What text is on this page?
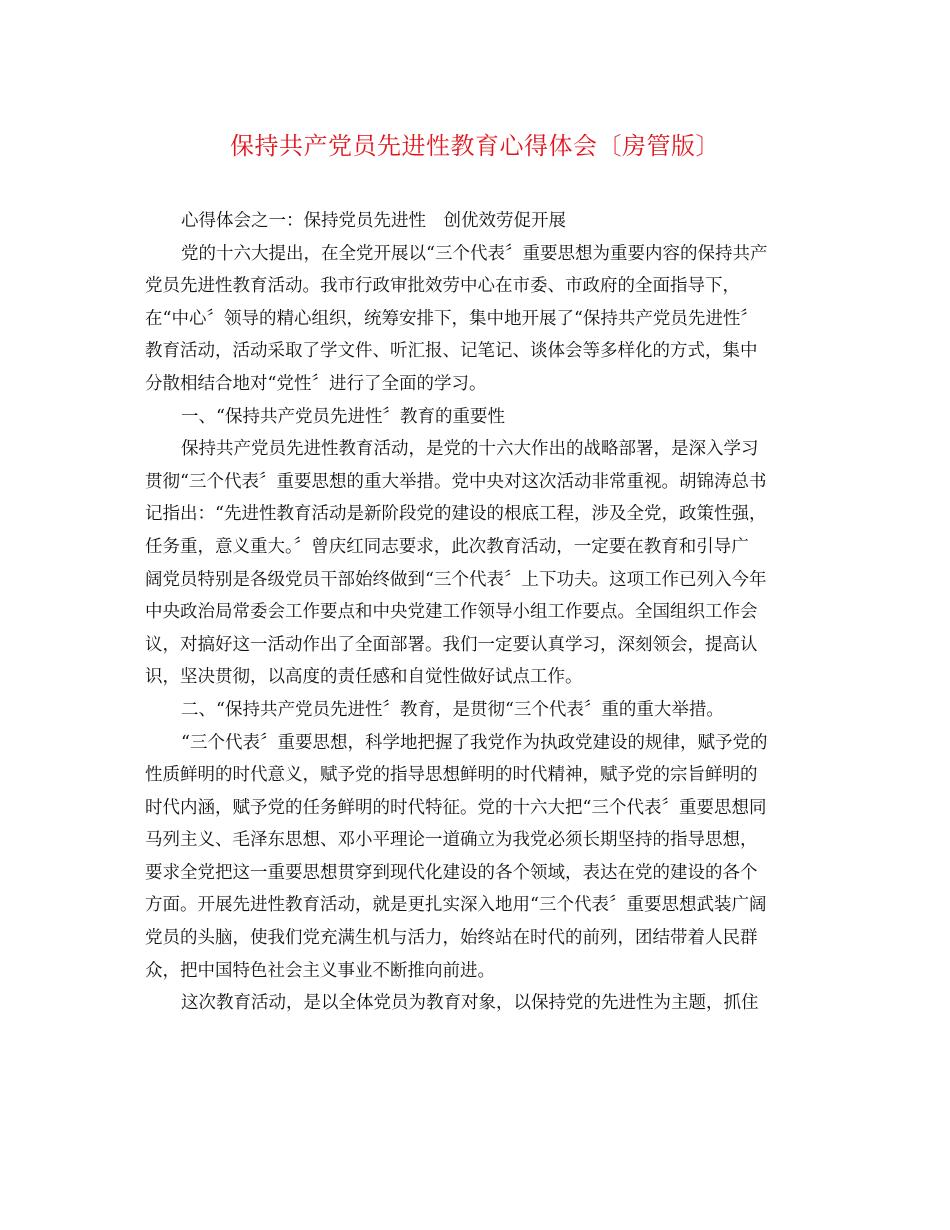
保持共产党员先进性教育心得体会〔房管版〕
心得体会之一：保持党员先进性　创优效劳促开展
党的十六大提出，在全党开展以“三个代表〞重要思想为重要内容的保持共产
党员先进性教育活动。我市行政审批效劳中心在市委、市政府的全面指导下，
在“中心〞领导的精心组织，统筹安排下，集中地开展了“保持共产党员先进性〞
教育活动，活动采取了学文件、听汇报、记笔记、谈体会等多样化的方式，集中
分散相结合地对“党性〞进行了全面的学习。
一、“保持共产党员先进性〞教育的重要性
保持共产党员先进性教育活动，是党的十六大作出的战略部署，是深入学习
贯彻“三个代表〞重要思想的重大举措。党中央对这次活动非常重视。胡锦涛总书
记指出：“先进性教育活动是新阶段党的建设的根底工程，涉及全党，政策性强，
任务重，意义重大。〞曾庆红同志要求，此次教育活动，一定要在教育和引导广
阔党员特别是各级党员干部始终做到“三个代表〞上下功夫。这项工作已列入今年
中央政治局常委会工作要点和中央党建工作领导小组工作要点。全国组织工作会
议，对搞好这一活动作出了全面部署。我们一定要认真学习，深刻领会，提高认
识，坚决贯彻，以高度的责任感和自觉性做好试点工作。
二、“保持共产党员先进性〞教育，是贯彻“三个代表〞重的重大举措。
“三个代表〞重要思想，科学地把握了我党作为执政党建设的规律，赋予党的
性质鲜明的时代意义，赋予党的指导思想鲜明的时代精神，赋予党的宗旨鲜明的
时代内涵，赋予党的任务鲜明的时代特征。党的十六大把“三个代表〞重要思想同
马列主义、毛泽东思想、邓小平理论一道确立为我党必须长期坚持的指导思想，
要求全党把这一重要思想贯穿到现代化建设的各个领域，表达在党的建设的各个
方面。开展先进性教育活动，就是更扎实深入地用“三个代表〞重要思想武装广阔
党员的头脑，使我们党充满生机与活力，始终站在时代的前列，团结带着人民群
众，把中国特色社会主义事业不断推向前进。
这次教育活动，是以全体党员为教育对象，以保持党的先进性为主题，抓住
